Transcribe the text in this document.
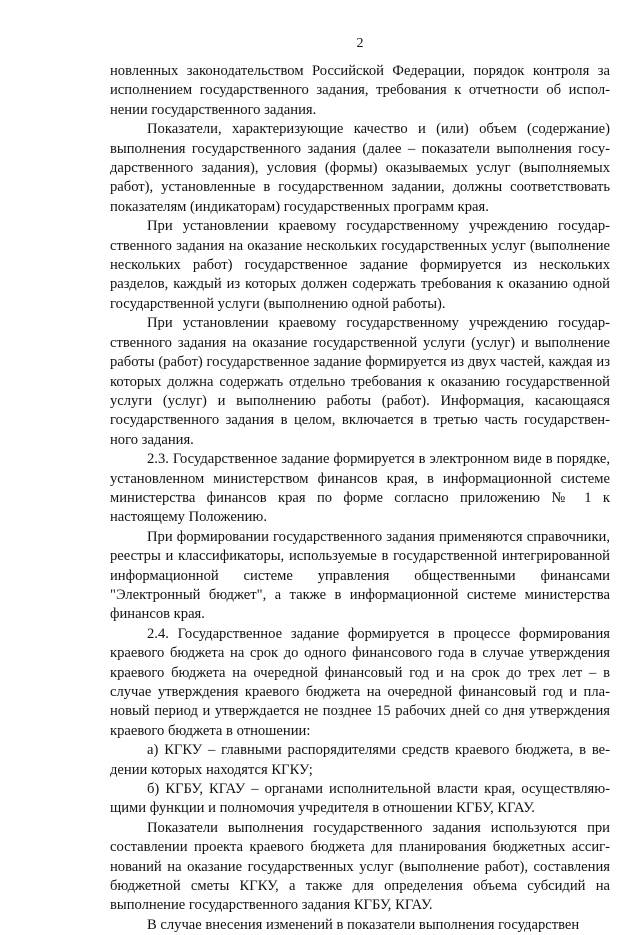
2

новленных законодательством Российской Федерации, порядок контроля за исполнением государственного задания, требования к отчетности об исполнении государственного задания.

Показатели, характеризующие качество и (или) объем (содержание) выполнения государственного задания (далее – показатели выполнения государственного задания), условия (формы) оказываемых услуг (выполняемых работ), установленные в государственном задании, должны соответствовать показателям (индикаторам) государственных программ края.

При установлении краевому государственному учреждению государственного задания на оказание нескольких государственных услуг (выполнение нескольких работ) государственное задание формируется из нескольких разделов, каждый из которых должен содержать требования к оказанию одной государственной услуги (выполнению одной работы).

При установлении краевому государственному учреждению государственного задания на оказание государственной услуги (услуг) и выполнение работы (работ) государственное задание формируется из двух частей, каждая из которых должна содержать отдельно требования к оказанию государственной услуги (услуг) и выполнению работы (работ). Информация, касающаяся государственного задания в целом, включается в третью часть государственного задания.

2.3. Государственное задание формируется в электронном виде в порядке, установленном министерством финансов края, в информационной системе министерства финансов края по форме согласно приложению № 1 к настоящему Положению.

При формировании государственного задания применяются справочники, реестры и классификаторы, используемые в государственной интегрированной информационной системе управления общественными финансами "Электронный бюджет", а также в информационной системе министерства финансов края.

2.4. Государственное задание формируется в процессе формирования краевого бюджета на срок до одного финансового года в случае утверждения краевого бюджета на очередной финансовый год и на срок до трех лет – в случае утверждения краевого бюджета на очередной финансовый год и плановый период и утверждается не позднее 15 рабочих дней со дня утверждения краевого бюджета в отношении:

а) КГКУ – главными распорядителями средств краевого бюджета, в ведении которых находятся КГКУ;

б) КГБУ, КГАУ – органами исполнительной власти края, осуществляющими функции и полномочия учредителя в отношении КГБУ, КГАУ.

Показатели выполнения государственного задания используются при составлении проекта краевого бюджета для планирования бюджетных ассигнований на оказание государственных услуг (выполнение работ), составления бюджетной сметы КГКУ, а также для определения объема субсидий на выполнение государственного задания КГБУ, КГАУ.

В случае внесения изменений в показатели выполнения государствен
